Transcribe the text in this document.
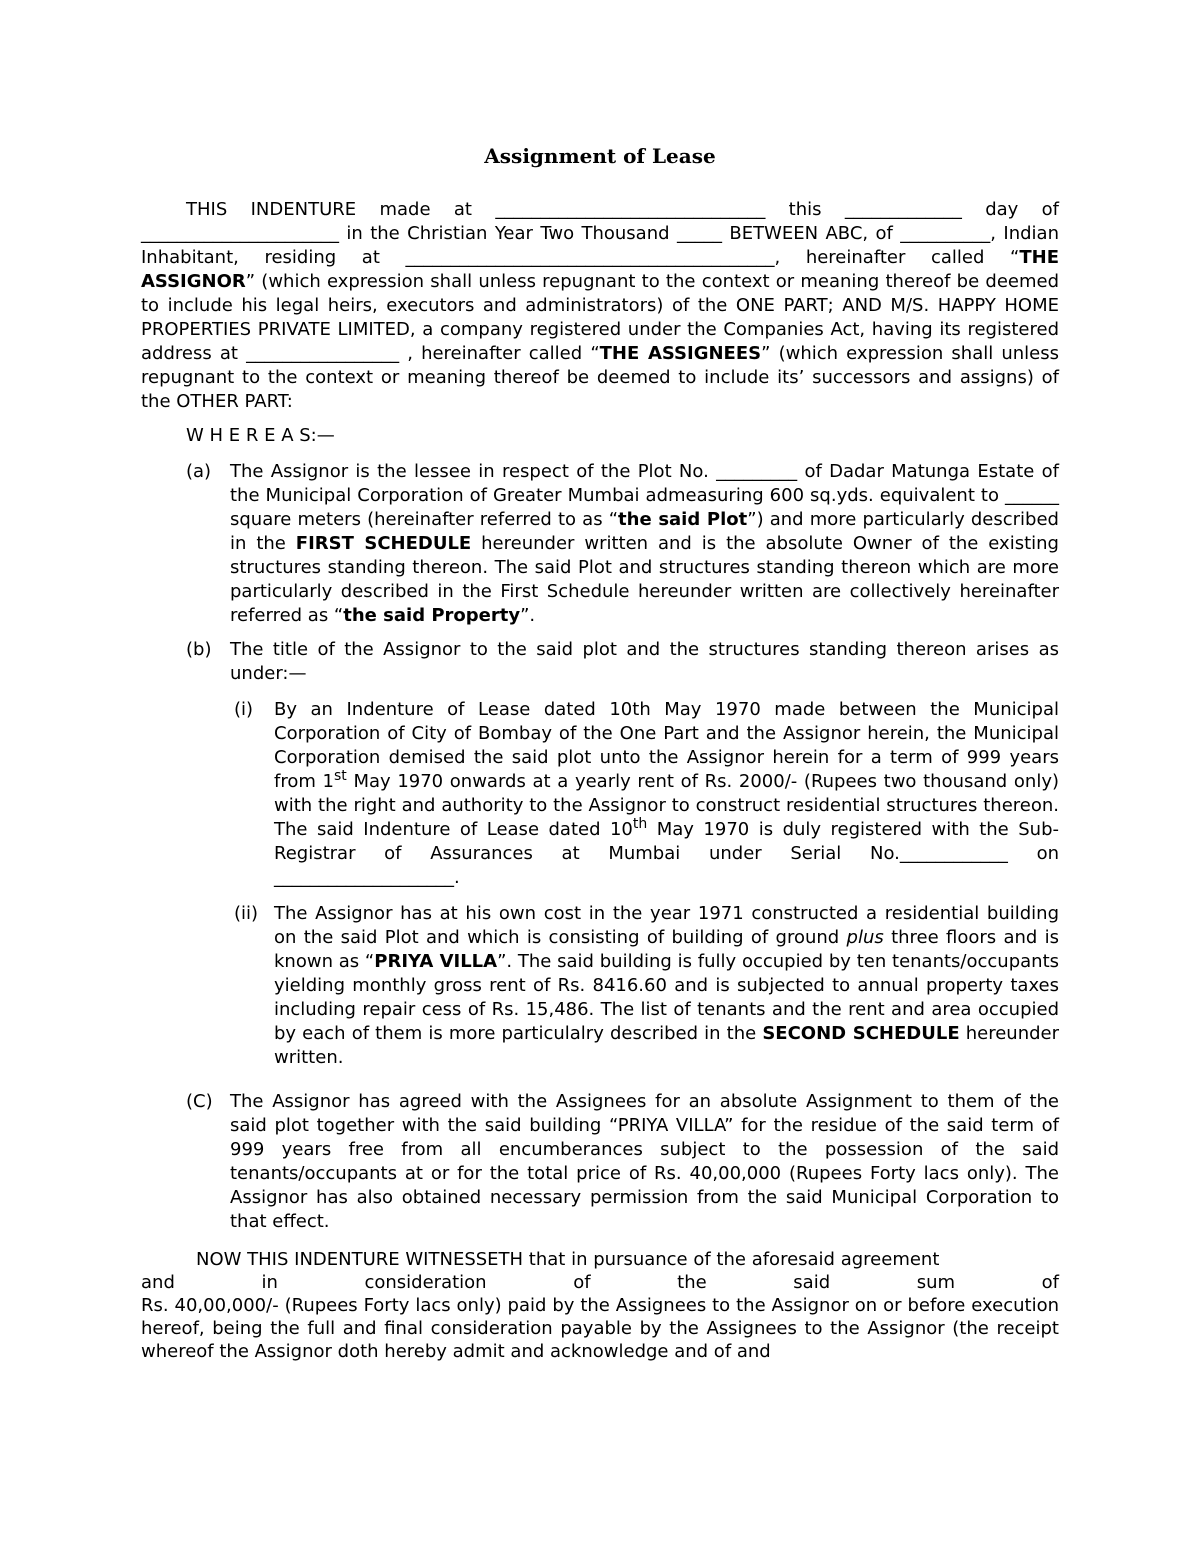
Assignment of Lease

THIS INDENTURE made at ______________________________ this _____________ day of ______________________ in the Christian Year Two Thousand _____ BETWEEN ABC, of __________, Indian Inhabitant, residing at _________________________________________, hereinafter called “THE ASSIGNOR” (which expression shall unless repugnant to the context or meaning thereof be deemed to include his legal heirs, executors and administrators) of the ONE PART; AND M/S. HAPPY HOME PROPERTIES PRIVATE LIMITED, a company registered under the Companies Act, having its registered address at _________________ , hereinafter called “THE ASSIGNEES” (which expression shall unless repugnant to the context or meaning thereof be deemed to include its’ successors and assigns) of the OTHER PART:

W H E R E A S:—

(a)	The Assignor is the lessee in respect of the Plot No. _________ of Dadar Matunga Estate of the Municipal Corporation of Greater Mumbai admeasuring 600 sq.yds. equivalent to ______ square meters (hereinafter referred to as “the said Plot”) and more particularly described in the FIRST SCHEDULE hereunder written and is the absolute Owner of the existing structures standing thereon. The said Plot and structures standing thereon which are more particularly described in the First Schedule hereunder written are collectively hereinafter referred as “the said Property”.
(b)	The title of the Assignor to the said plot and the structures standing thereon arises as under:—
(i)	By an Indenture of Lease dated 10th May 1970 made between the Municipal Corporation of City of Bombay of the One Part and the Assignor herein, the Municipal Corporation demised the said plot unto the Assignor herein for a term of 999 years from 1st May 1970 onwards at a yearly rent of Rs. 2000/- (Rupees two thousand only) with the right and authority to the Assignor to construct residential structures thereon. The said Indenture of Lease dated 10th May 1970 is duly registered with the Sub-Registrar of Assurances at Mumbai under Serial No.____________ on ____________________.
(ii) The Assignor has at his own cost in the year 1971 constructed a residential building on the said Plot and which is consisting of building of ground plus three floors and is known as “PRIYA VILLA”. The said building is fully occupied by ten tenants/occupants yielding monthly gross rent of Rs. 8416.60 and is subjected to annual property taxes including repair cess of Rs. 15,486. The list of tenants and the rent and area occupied by each of them is more particulalry described in the SECOND SCHEDULE hereunder written.
(C) The Assignor has agreed with the Assignees for an absolute Assignment to them of the said plot together with the said building “PRIYA VILLA” for the residue of the said term of 999 years free from all encumberances subject to the possession of the said tenants/occupants at or for the total price of Rs. 40,00,000 (Rupees Forty lacs only). The Assignor has also obtained necessary permission from the said Municipal Corporation to that effect.
NOW THIS INDENTURE WITNESSETH that in pursuance of the aforesaid agreement
and	in	consideration	of	the	said	sum	of
Rs. 40,00,000/- (Rupees Forty lacs only) paid by the Assignees to the Assignor on or before execution hereof, being the full and final consideration payable by the Assignees to the Assignor (the receipt whereof the Assignor doth hereby admit and acknowledge and of and
